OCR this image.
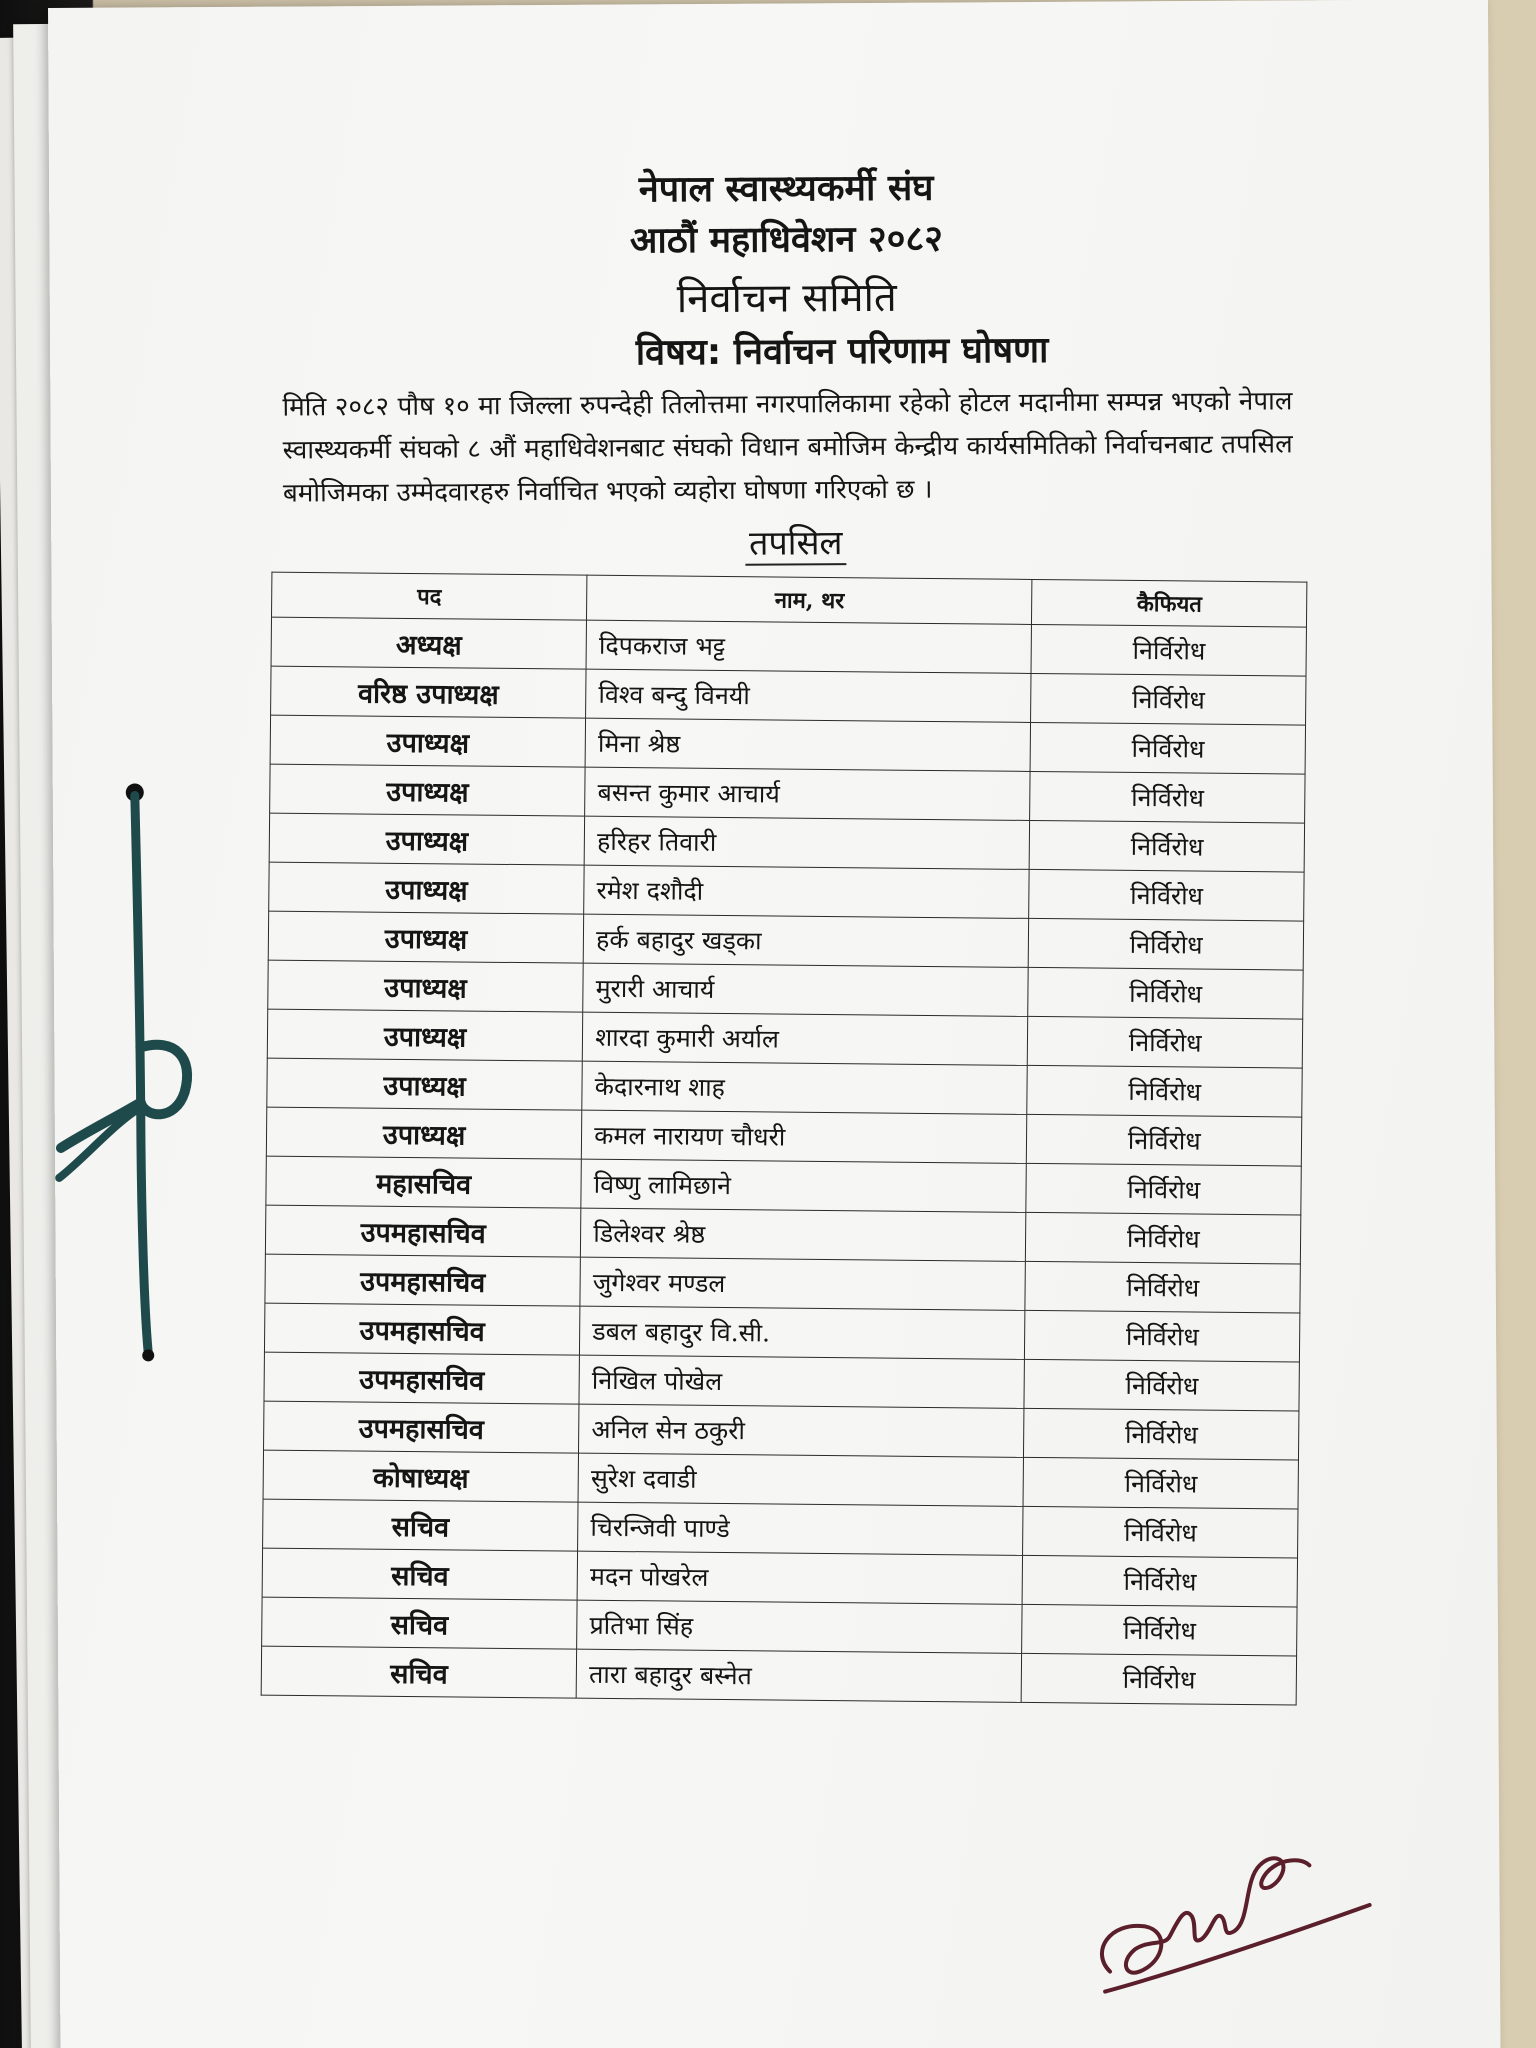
नेपाल स्वास्थ्यकर्मी संघ

आठौं महाधिवेशन २०८२

निर्वाचन समिति

विषय: निर्वाचन परिणाम घोषणा

मिति २०८२ पौष १० मा जिल्ला रुपन्देही तिलोत्तमा नगरपालिकामा रहेको होटल मदानीमा सम्पन्न भएको नेपाल स्वास्थ्यकर्मी संघको ८ औं महाधिवेशनबाट संघको विधान बमोजिम केन्द्रीय कार्यसमितिको निर्वाचनबाट तपसिल बमोजिमका उम्मेदवारहरु निर्वाचित भएको व्यहोरा घोषणा गरिएको छ ।

तपसिल

पद	नाम, थर	कैफियत
अध्यक्ष	दिपकराज भट्ट	निर्विरोध
वरिष्ठ उपाध्यक्ष	विश्व बन्दु विनयी	निर्विरोध
उपाध्यक्ष	मिना श्रेष्ठ	निर्विरोध
उपाध्यक्ष	बसन्त कुमार आचार्य	निर्विरोध
उपाध्यक्ष	हरिहर तिवारी	निर्विरोध
उपाध्यक्ष	रमेश दशौदी	निर्विरोध
उपाध्यक्ष	हर्क बहादुर खड्का	निर्विरोध
उपाध्यक्ष	मुरारी आचार्य	निर्विरोध
उपाध्यक्ष	शारदा कुमारी अर्याल	निर्विरोध
उपाध्यक्ष	केदारनाथ शाह	निर्विरोध
उपाध्यक्ष	कमल नारायण चौधरी	निर्विरोध
महासचिव	विष्णु लामिछाने	निर्विरोध
उपमहासचिव	डिलेश्वर श्रेष्ठ	निर्विरोध
उपमहासचिव	जुगेश्वर मण्डल	निर्विरोध
उपमहासचिव	डबल बहादुर वि.सी.	निर्विरोध
उपमहासचिव	निखिल पोखेल	निर्विरोध
उपमहासचिव	अनिल सेन ठकुरी	निर्विरोध
कोषाध्यक्ष	सुरेश दवाडी	निर्विरोध
सचिव	चिरन्जिवी पाण्डे	निर्विरोध
सचिव	मदन पोखरेल	निर्विरोध
सचिव	प्रतिभा सिंह	निर्विरोध
सचिव	तारा बहादुर बस्नेत	निर्विरोध
